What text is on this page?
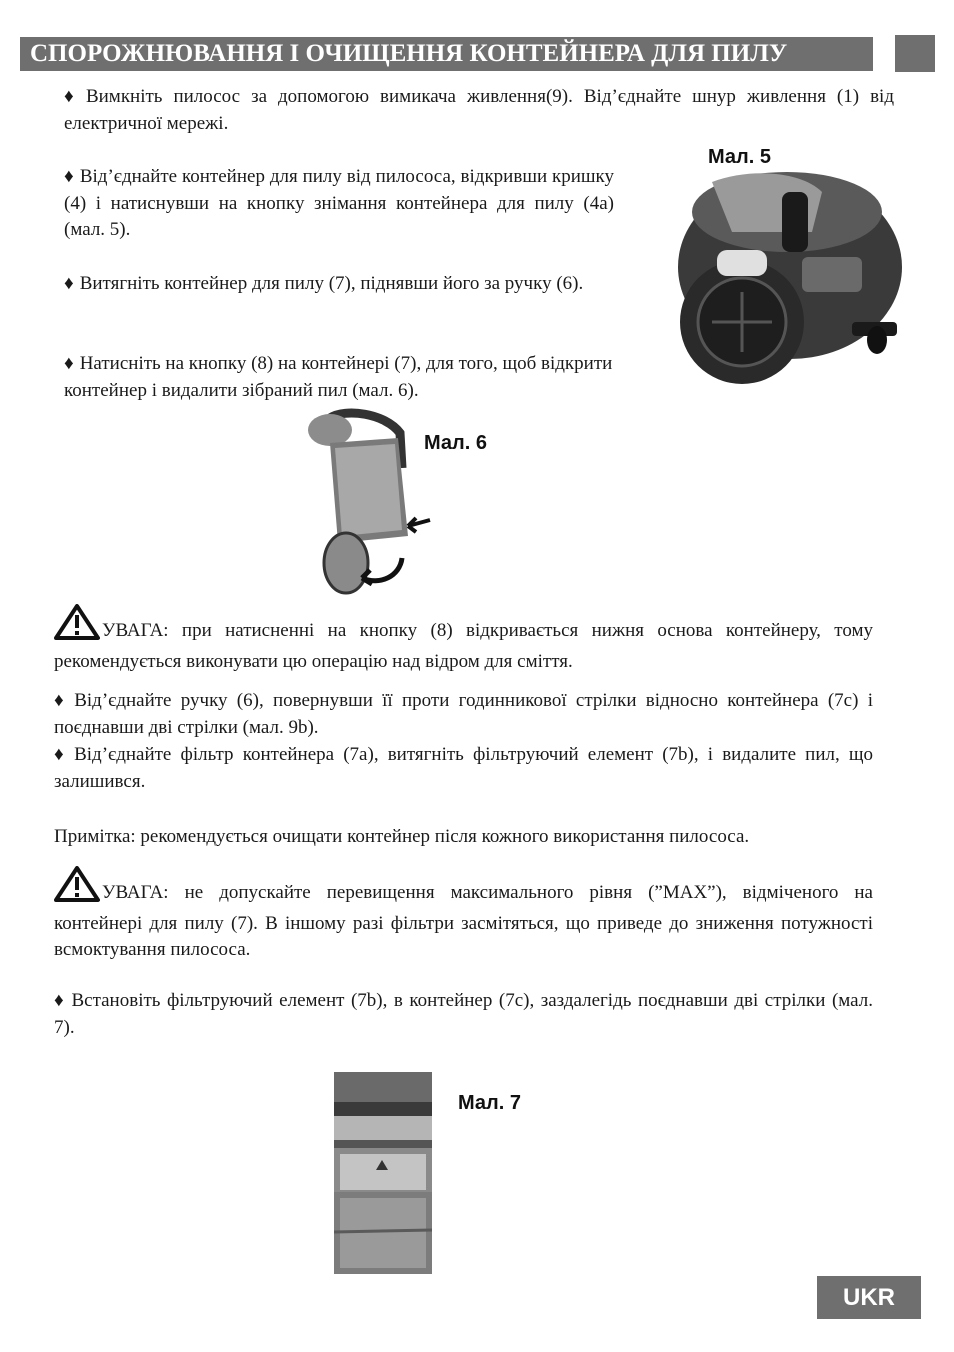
СПОРОЖНЮВАННЯ І ОЧИЩЕННЯ КОНТЕЙНЕРА ДЛЯ ПИЛУ

♦ Вимкніть пилосос за допомогою вимикача живлення(9). Від’єднайте шнур живлення (1) від електричної мережі.

♦ Від’єднайте контейнер для пилу від пилососа, відкривши кришку (4) і натиснувши на кнопку знімання контейнера для пилу (4a) (мал. 5).

♦ Витягніть контейнер для пилу (7), піднявши його за ручку (6).

♦ Натисніть на кнопку (8) на контейнері (7), для того, щоб відкрити контейнер і видалити зібраний пил (мал. 6).

Мал. 5
Мал. 6

УВАГА: при натисненні на кнопку (8) відкривається нижня основа контейнеру, тому рекомендується виконувати цю операцію над відром для сміття.

♦ Від’єднайте ручку (6), повернувши її проти годинникової стрілки відносно контейнера (7c) і поєднавши дві стрілки (мал. 9b).

♦ Від’єднайте фільтр контейнера (7a), витягніть фільтруючий елемент (7b), і видалите пил, що залишився.

Примітка: рекомендується очищати контейнер після кожного використання пилососа.

УВАГА: не допускайте перевищення максимального рівня (”MAX”), відміченого на контейнері для пилу (7). В іншому разі фільтри засмітяться, що приведе до зниження потужності всмоктування пилососа.

♦ Встановіть фільтруючий елемент (7b), в контейнер (7c), заздалегідь поєднавши дві стрілки (мал. 7).

Мал. 7
UKR
